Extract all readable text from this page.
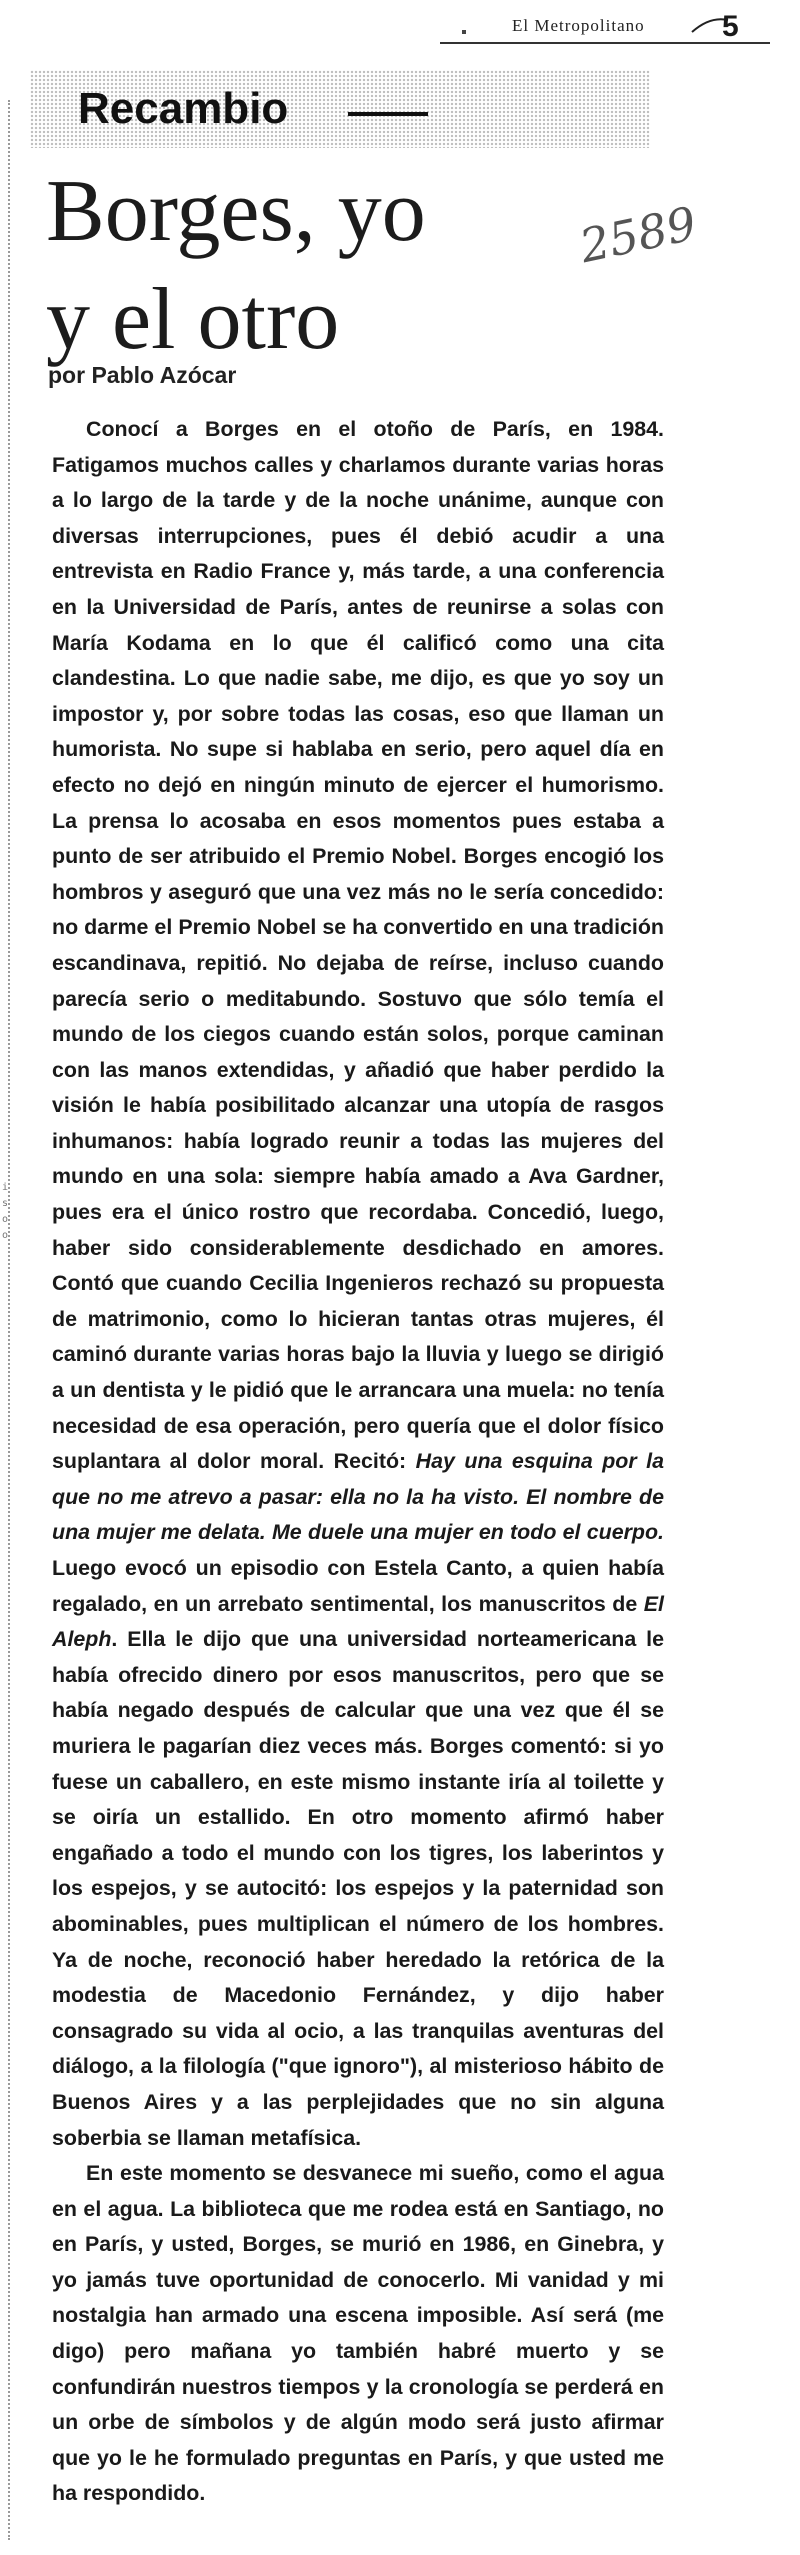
i
s
o
o
El Metropolitano	5
Recambio
Borges, yo
y el otro
2589
por Pablo Azócar

Conocí a Borges en el otoño de París, en 1984. Fatigamos muchos calles y charlamos durante varias horas a lo largo de la tarde y de la noche unánime, aunque con diversas interrupciones, pues él debió acudir a una entrevista en Radio France y, más tarde, a una conferencia en la Universidad de París, antes de reunirse a solas con María Kodama en lo que él calificó como una cita clandestina. Lo que nadie sabe, me dijo, es que yo soy un impostor y, por sobre todas las cosas, eso que llaman un humorista. No supe si hablaba en serio, pero aquel día en efecto no dejó en ningún minuto de ejercer el humorismo. La prensa lo acosaba en esos momentos pues estaba a punto de ser atribuido el Premio Nobel. Borges encogió los hombros y aseguró que una vez más no le sería concedido: no darme el Premio Nobel se ha convertido en una tradición escandinava, repitió. No dejaba de reírse, incluso cuando parecía serio o meditabundo. Sostuvo que sólo temía el mundo de los ciegos cuando están solos, porque caminan con las manos extendidas, y añadió que haber perdido la visión le había posibilitado alcanzar una utopía de rasgos inhumanos: había logrado reunir a todas las mujeres del mundo en una sola: siempre había amado a Ava Gardner, pues era el único rostro que recordaba. Concedió, luego, haber sido considerablemente desdichado en amores. Contó que cuando Cecilia Ingenieros rechazó su propuesta de matrimonio, como lo hicieran tantas otras mujeres, él caminó durante varias horas bajo la lluvia y luego se dirigió a un dentista y le pidió que le arrancara una muela: no tenía necesidad de esa operación, pero quería que el dolor físico suplantara al dolor moral. Recitó: Hay una esquina por la que no me atrevo a pasar: ella no la ha visto. El nombre de una mujer me delata. Me duele una mujer en todo el cuerpo. Luego evocó un episodio con Estela Canto, a quien había regalado, en un arrebato sentimental, los manuscritos de El Aleph. Ella le dijo que una universidad norteamericana le había ofrecido dinero por esos manuscritos, pero que se había negado después de calcular que una vez que él se muriera le pagarían diez veces más. Borges comentó: si yo fuese un caballero, en este mismo instante iría al toilette y se oiría un estallido. En otro momento afirmó haber engañado a todo el mundo con los tigres, los laberintos y los espejos, y se autocitó: los espejos y la paternidad son abominables, pues multiplican el número de los hombres. Ya de noche, reconoció haber heredado la retórica de la modestia de Macedonio Fernández, y dijo haber consagrado su vida al ocio, a las tranquilas aventuras del diálogo, a la filología ("que ignoro"), al misterioso hábito de Buenos Aires y a las perplejidades que no sin alguna soberbia se llaman metafísica.

En este momento se desvanece mi sueño, como el agua en el agua. La biblioteca que me rodea está en Santiago, no en París, y usted, Borges, se murió en 1986, en Ginebra, y yo jamás tuve oportunidad de conocerlo. Mi vanidad y mi nostalgia han armado una escena imposible. Así será (me digo) pero mañana yo también habré muerto y se confundirán nuestros tiempos y la cronología se perderá en un orbe de símbolos y de algún modo será justo afirmar que yo le he formulado preguntas en París, y que usted me ha respondido.
